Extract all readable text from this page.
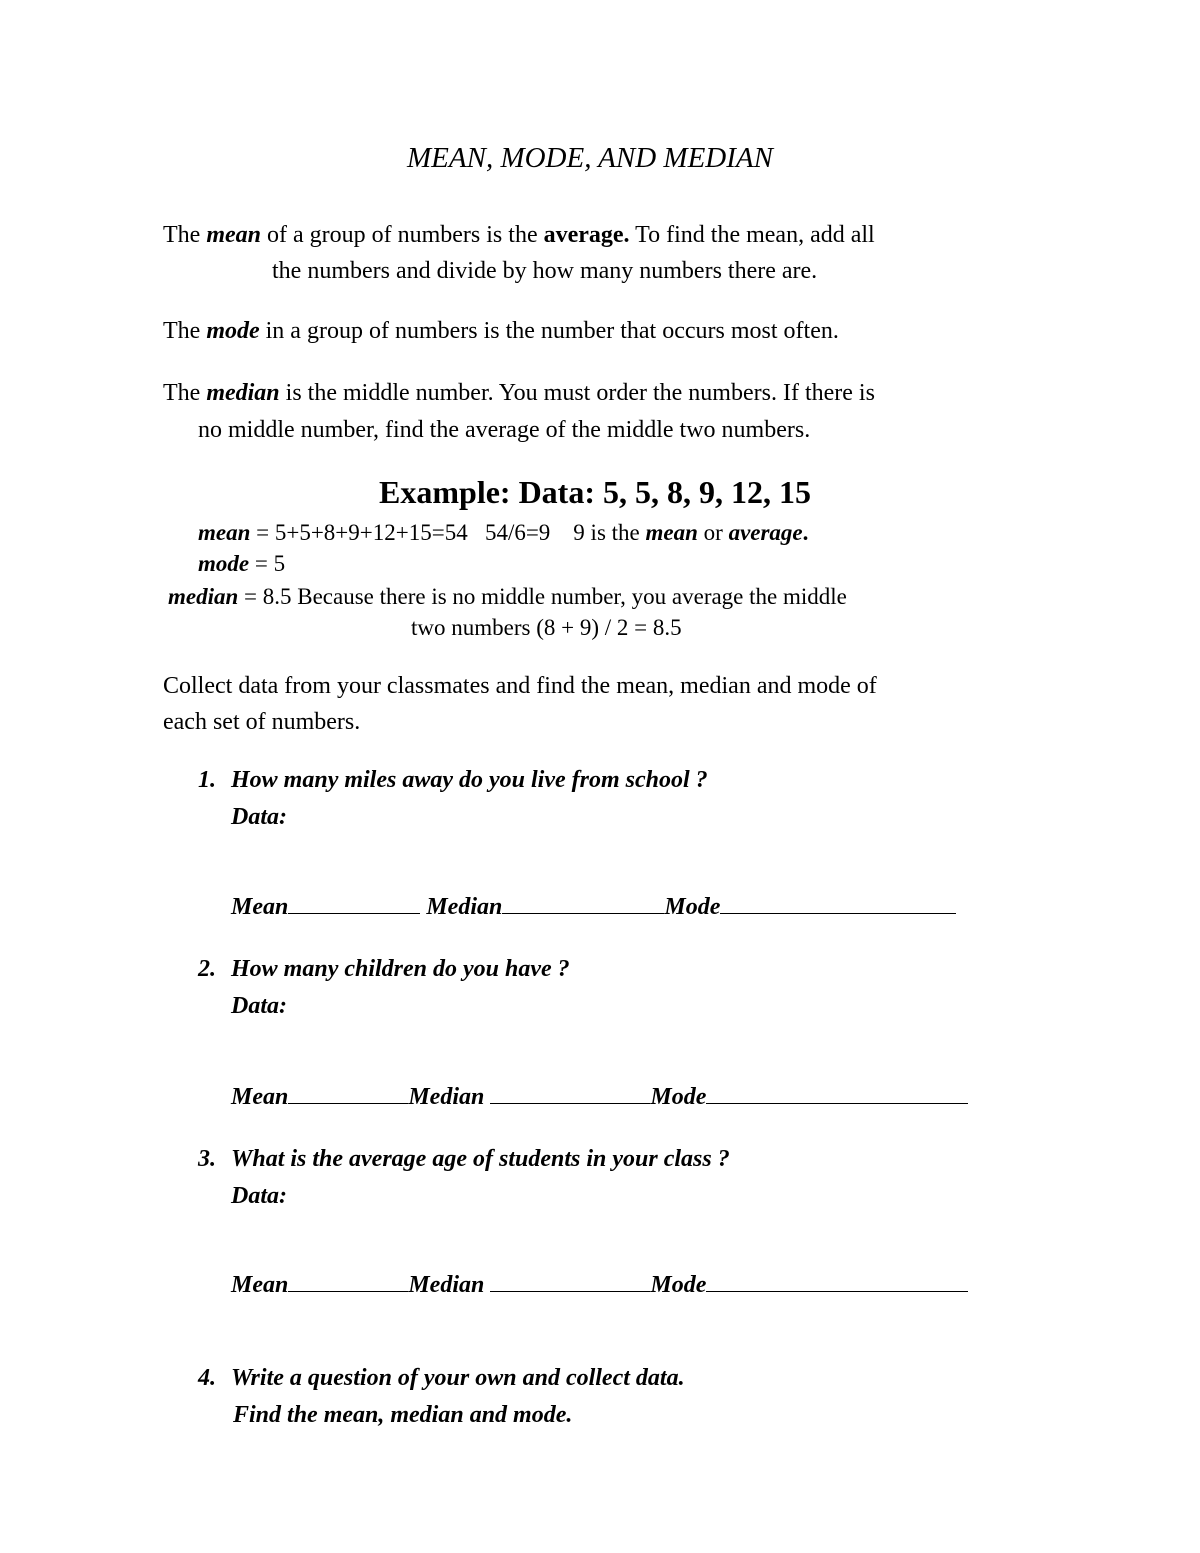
MEAN, MODE, AND MEDIAN
The mean of a group of numbers is the average. To find the mean, add all
the numbers and divide by how many numbers there are.
The mode in a group of numbers is the number that occurs most often.
The median is the middle number. You must order the numbers. If there is
no middle number, find the average of the middle two numbers.
Example: Data: 5, 5, 8, 9, 12, 15
mean = 5+5+8+9+12+15=54   54/6=9    9 is the mean or average.
mode = 5
median = 8.5 Because there is no middle number, you average the middle
two numbers (8 + 9) / 2 = 8.5
Collect data from your classmates and find the mean, median and mode of
each set of numbers.
1. How many miles away do you live from school ?
Data:
Mean	Median	Mode
2. How many children do you have ?
Data:
Mean	Median	Mode
3. What is the average age of students in your class ?
Data:
Mean	Median	Mode
4. Write a question of your own and collect data.
Find the mean, median and mode.
